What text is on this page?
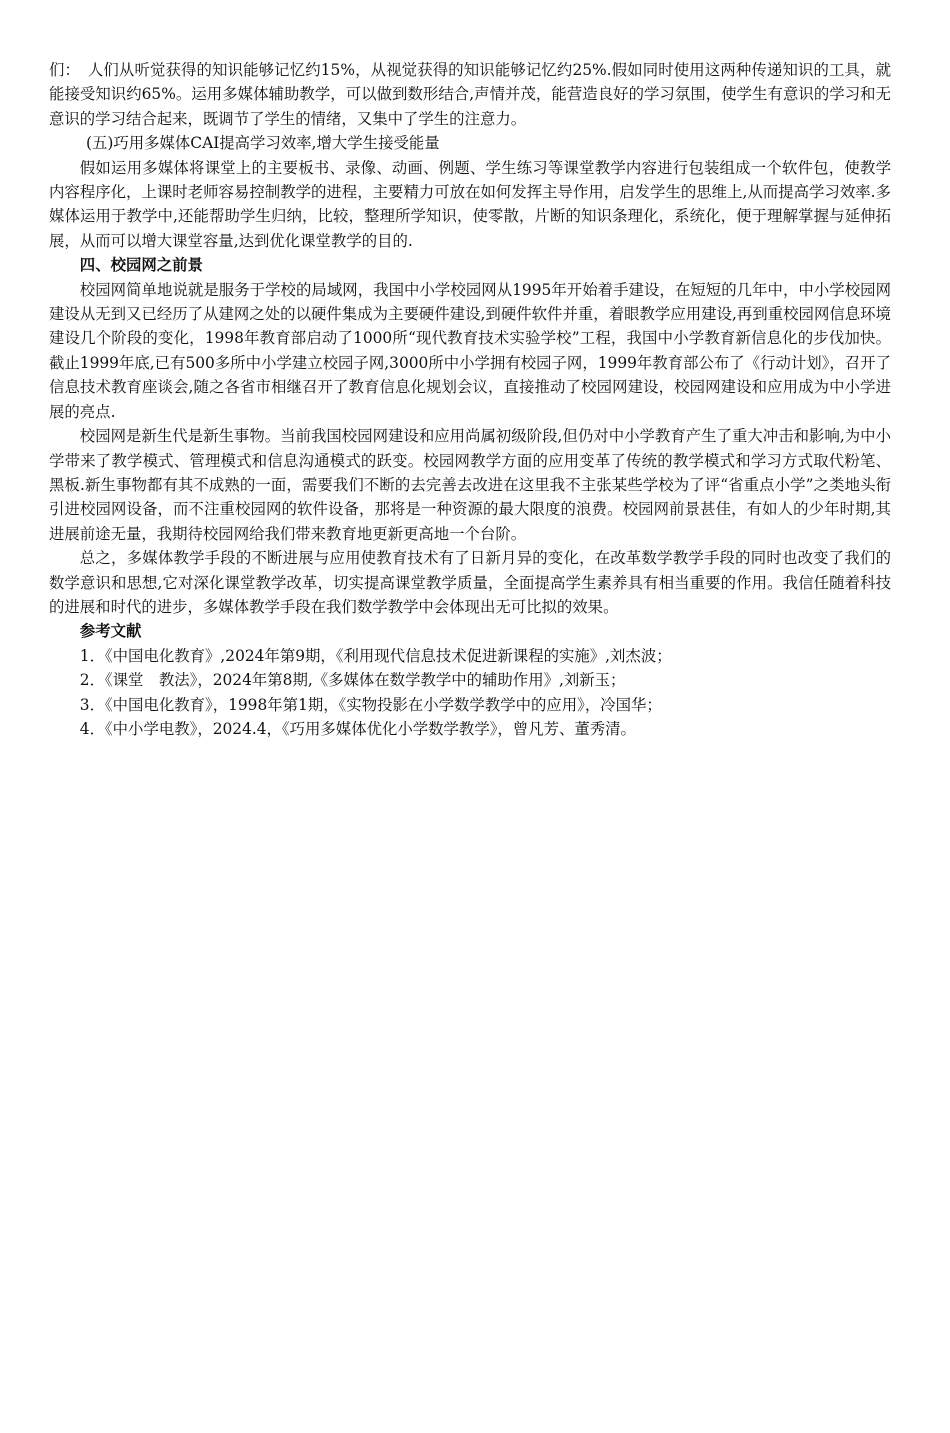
们：　人们从听觉获得的知识能够记忆约15%，从视觉获得的知识能够记忆约25%.假如同时使用这两种传递知识的工具，就能接受知识约65%。运用多媒体辅助教学，可以做到数形结合,声情并茂，能营造良好的学习氛围，使学生有意识的学习和无意识的学习结合起来，既调节了学生的情绪，又集中了学生的注意力。

(五)巧用多媒体CAI提高学习效率,增大学生接受能量

假如运用多媒体将课堂上的主要板书、录像、动画、例题、学生练习等课堂教学内容进行包装组成一个软件包，使教学内容程序化，上课时老师容易控制教学的进程，主要精力可放在如何发挥主导作用，启发学生的思维上,从而提高学习效率.多媒体运用于教学中,还能帮助学生归纳，比较，整理所学知识，使零散，片断的知识条理化，系统化，便于理解掌握与延伸拓展，从而可以增大课堂容量,达到优化课堂教学的目的.

四、校园网之前景

校园网简单地说就是服务于学校的局域网，我国中小学校园网从1995年开始着手建设，在短短的几年中，中小学校园网建设从无到又已经历了从建网之处的以硬件集成为主要硬件建设,到硬件软件并重，着眼教学应用建设,再到重校园网信息环境建设几个阶段的变化，1998年教育部启动了1000所“现代教育技术实验学校”工程，我国中小学教育新信息化的步伐加快。截止1999年底,已有500多所中小学建立校园子网,3000所中小学拥有校园子网，1999年教育部公布了《行动计划》，召开了信息技术教育座谈会,随之各省市相继召开了教育信息化规划会议，直接推动了校园网建设，校园网建设和应用成为中小学进展的亮点.

校园网是新生代是新生事物。当前我国校园网建设和应用尚属初级阶段,但仍对中小学教育产生了重大冲击和影响,为中小学带来了教学模式、管理模式和信息沟通模式的跃变。校园网教学方面的应用变革了传统的教学模式和学习方式取代粉笔、黑板.新生事物都有其不成熟的一面，需要我们不断的去完善去改进在这里我不主张某些学校为了评“省重点小学”之类地头衔引进校园网设备，而不注重校园网的软件设备，那将是一种资源的最大限度的浪费。校园网前景甚佳，有如人的少年时期,其进展前途无量，我期待校园网给我们带来教育地更新更高地一个台阶。

总之，多媒体教学手段的不断进展与应用使教育技术有了日新月异的变化，在改革数学教学手段的同时也改变了我们的数学意识和思想,它对深化课堂教学改革，切实提高课堂教学质量，全面提高学生素养具有相当重要的作用。我信任随着科技的进展和时代的进步，多媒体教学手段在我们数学教学中会体现出无可比拟的效果。

参考文献

1．《中国电化教育》,2024年第9期，《利用现代信息技术促进新课程的实施》,刘杰波；
2．《课堂　教法》，2024年第8期,《多媒体在数学教学中的辅助作用》,刘新玉；
3．《中国电化教育》，1998年第1期，《实物投影在小学数学教学中的应用》，冷国华；
4．《中小学电教》，2024.4，《巧用多媒体优化小学数学教学》，曾凡芳、董秀清。
